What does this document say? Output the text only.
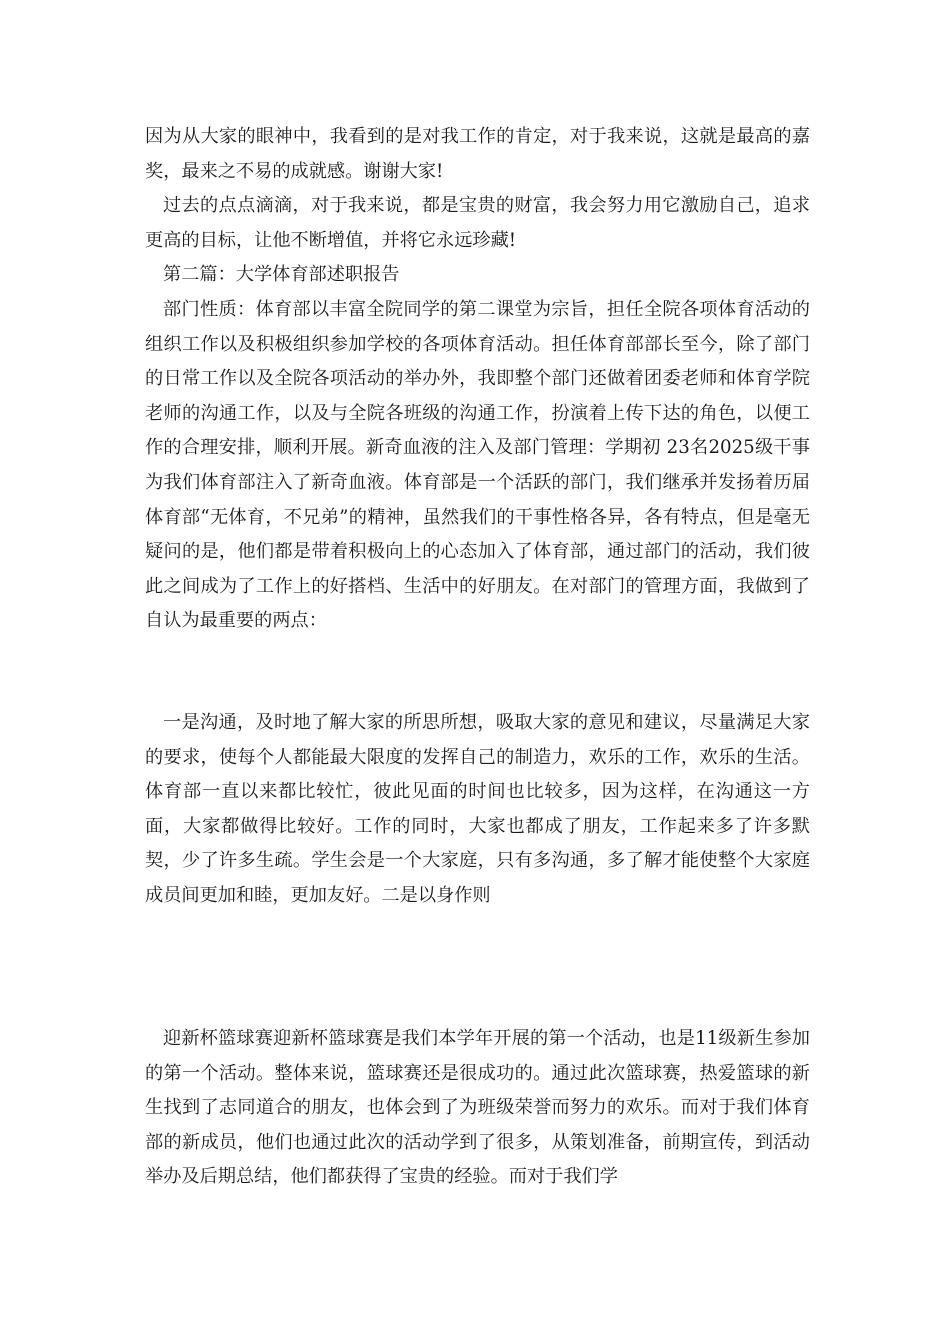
因为从大家的眼神中，我看到的是对我工作的肯定，对于我来说，这就是最高的嘉奖，最来之不易的成就感。谢谢大家!

过去的点点滴滴，对于我来说，都是宝贵的财富，我会努力用它激励自己，追求更高的目标，让他不断增值，并将它永远珍藏!

第二篇：大学体育部述职报告

部门性质：体育部以丰富全院同学的第二课堂为宗旨，担任全院各项体育活动的组织工作以及积极组织参加学校的各项体育活动。担任体育部部长至今，除了部门的日常工作以及全院各项活动的举办外，我即整个部门还做着团委老师和体育学院老师的沟通工作，以及与全院各班级的沟通工作，扮演着上传下达的角色，以便工作的合理安排，顺利开展。新奇血液的注入及部门管理：学期初 23名2025级干事为我们体育部注入了新奇血液。体育部是一个活跃的部门，我们继承并发扬着历届体育部“无体育，不兄弟”的精神，虽然我们的干事性格各异，各有特点，但是毫无疑问的是，他们都是带着积极向上的心态加入了体育部，通过部门的活动，我们彼此之间成为了工作上的好搭档、生活中的好朋友。在对部门的管理方面，我做到了自认为最重要的两点：

一是沟通，及时地了解大家的所思所想，吸取大家的意见和建议，尽量满足大家的要求，使每个人都能最大限度的发挥自己的制造力，欢乐的工作，欢乐的生活。体育部一直以来都比较忙，彼此见面的时间也比较多，因为这样，在沟通这一方面，大家都做得比较好。工作的同时，大家也都成了朋友，工作起来多了许多默契，少了许多生疏。学生会是一个大家庭，只有多沟通，多了解才能使整个大家庭成员间更加和睦，更加友好。二是以身作则

迎新杯篮球赛迎新杯篮球赛是我们本学年开展的第一个活动，也是11级新生参加的第一个活动。整体来说，篮球赛还是很成功的。通过此次篮球赛，热爱篮球的新生找到了志同道合的朋友，也体会到了为班级荣誉而努力的欢乐。而对于我们体育部的新成员，他们也通过此次的活动学到了很多，从策划准备，前期宣传，到活动举办及后期总结，他们都获得了宝贵的经验。而对于我们学
